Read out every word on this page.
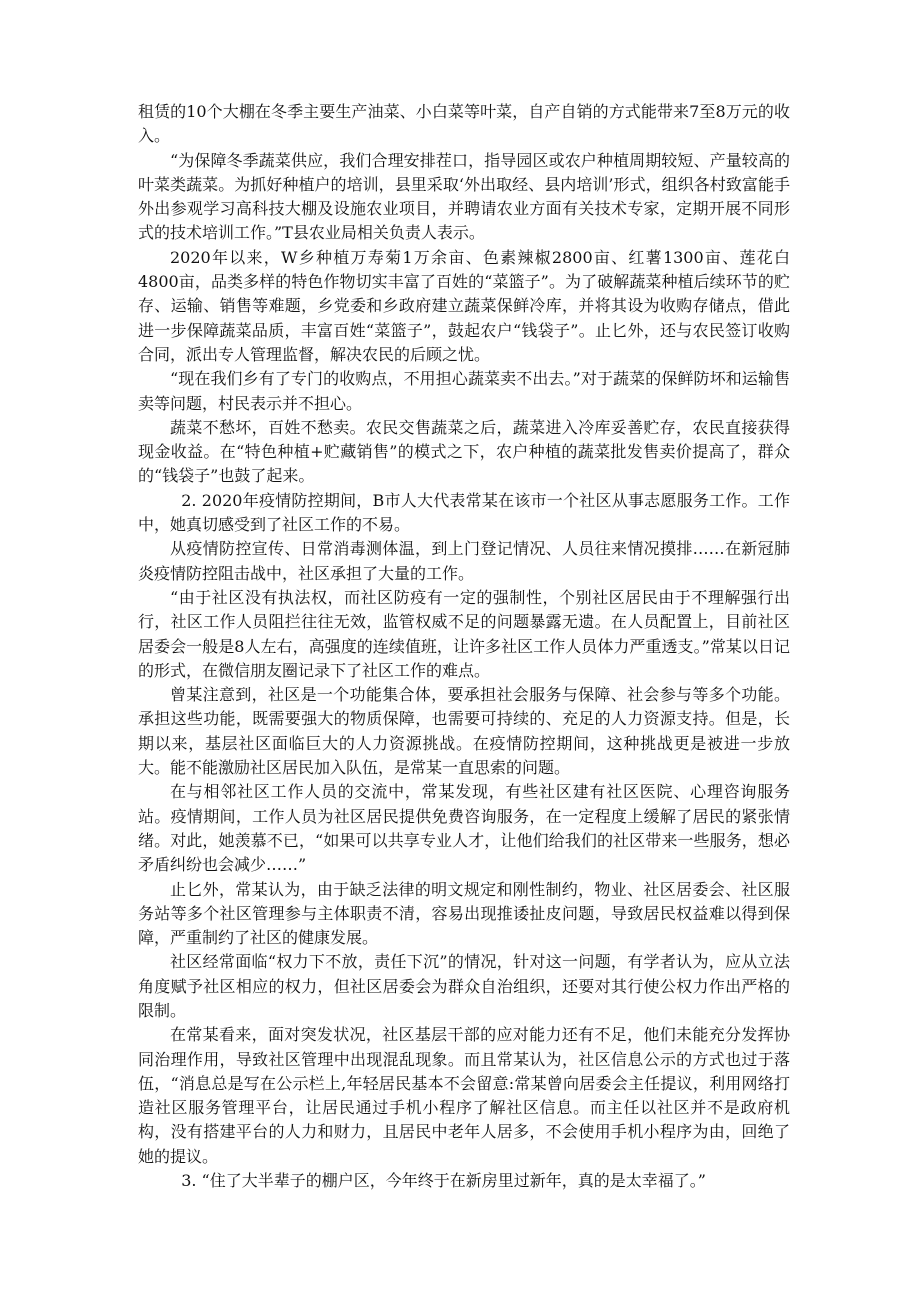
租赁的10个大棚在冬季主要生产油菜、小白菜等叶菜，自产自销的方式能带来7至8万元的收入。

“为保障冬季蔬菜供应，我们合理安排茬口，指导园区或农户种植周期较短、产量较高的叶菜类蔬菜。为抓好种植户的培训，县里采取‘外出取经、县内培训’形式，组织各村致富能手外出参观学习高科技大棚及设施农业项目，并聘请农业方面有关技术专家，定期开展不同形式的技术培训工作。”T县农业局相关负责人表示。

2020年以来，W乡种植万寿菊1万余亩、色素辣椒2800亩、红薯1300亩、莲花白4800亩，品类多样的特色作物切实丰富了百姓的“菜篮子”。为了破解蔬菜种植后续环节的贮存、运输、销售等难题，乡党委和乡政府建立蔬菜保鲜冷库，并将其设为收购存储点，借此进一步保障蔬菜品质，丰富百姓“菜篮子”，鼓起农户“钱袋子”。止匕外，还与农民签订收购合同，派出专人管理监督，解决农民的后顾之忧。

“现在我们乡有了专门的收购点，不用担心蔬菜卖不出去。”对于蔬菜的保鲜防坏和运输售卖等问题，村民表示并不担心。

蔬菜不愁坏，百姓不愁卖。农民交售蔬菜之后，蔬菜进入冷库妥善贮存，农民直接获得现金收益。在“特色种植+贮藏销售”的模式之下，农户种植的蔬菜批发售卖价提高了，群众的“钱袋子”也鼓了起来。

2. 2020年疫情防控期间，B市人大代表常某在该市一个社区从事志愿服务工作。工作中，她真切感受到了社区工作的不易。

从疫情防控宣传、日常消毒测体温，到上门登记情况、人员往来情况摸排……在新冠肺炎疫情防控阻击战中，社区承担了大量的工作。

“由于社区没有执法权，而社区防疫有一定的强制性，个别社区居民由于不理解强行出行，社区工作人员阻拦往往无效，监管权威不足的问题暴露无遗。在人员配置上，目前社区居委会一般是8人左右，高强度的连续值班，让许多社区工作人员体力严重透支。”常某以日记的形式，在微信朋友圈记录下了社区工作的难点。

曾某注意到，社区是一个功能集合体，要承担社会服务与保障、社会参与等多个功能。承担这些功能，既需要强大的物质保障，也需要可持续的、充足的人力资源支持。但是，长期以来，基层社区面临巨大的人力资源挑战。在疫情防控期间，这种挑战更是被进一步放大。能不能激励社区居民加入队伍，是常某一直思索的问题。

在与相邻社区工作人员的交流中，常某发现，有些社区建有社区医院、心理咨询服务站。疫情期间，工作人员为社区居民提供免费咨询服务，在一定程度上缓解了居民的紧张情绪。对此，她羡慕不已，“如果可以共享专业人才，让他们给我们的社区带来一些服务，想必矛盾纠纷也会减少……”

止匕外，常某认为，由于缺乏法律的明文规定和刚性制约，物业、社区居委会、社区服务站等多个社区管理参与主体职责不清，容易出现推诿扯皮问题，导致居民权益难以得到保障，严重制约了社区的健康发展。

社区经常面临“权力下不放，责任下沉”的情况，针对这一问题，有学者认为，应从立法角度赋予社区相应的权力，但社区居委会为群众自治组织，还要对其行使公权力作出严格的限制。

在常某看来，面对突发状况，社区基层干部的应对能力还有不足，他们未能充分发挥协同治理作用，导致社区管理中出现混乱现象。而且常某认为，社区信息公示的方式也过于落伍，“消息总是写在公示栏上,年轻居民基本不会留意:常某曾向居委会主任提议，利用网络打造社区服务管理平台，让居民通过手机小程序了解社区信息。而主任以社区并不是政府机构，没有搭建平台的人力和财力，且居民中老年人居多，不会使用手机小程序为由，回绝了她的提议。

3. “住了大半辈子的棚户区，今年终于在新房里过新年，真的是太幸福了。”
